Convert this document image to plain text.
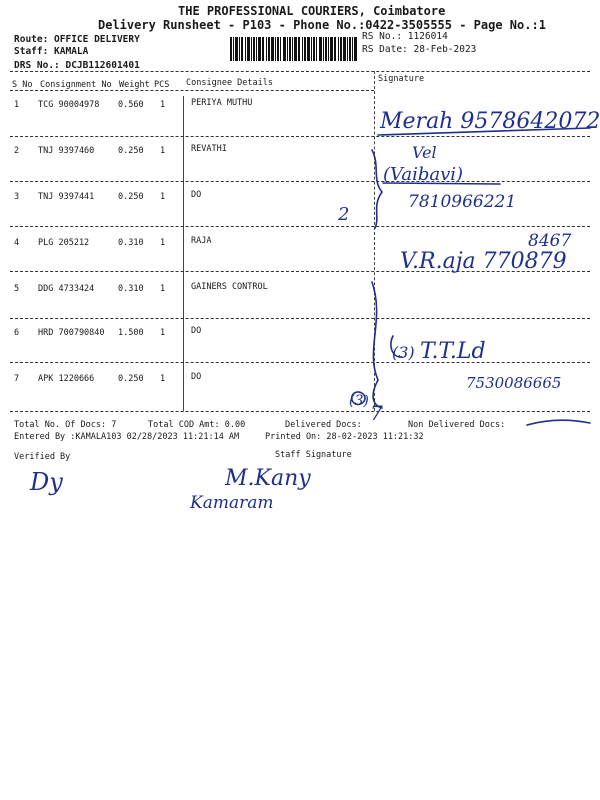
THE PROFESSIONAL COURIERS, Coimbatore
Delivery Runsheet - P103 - Phone No.:0422-3505555 - Page No.:1
Route: OFFICE DELIVERY
Staff: KAMALA
DRS No.: DCJB112601401
RS No.: 1126014
RS Date: 28-Feb-2023
S No Consignment No Weight PCS Consignee Details	Signature
1 TCG 90004978 0.560 1	PERIYA MUTHU
2 TNJ 9397460	0.250 1	REVATHI
3 TNJ 9397441	0.250 1	DO
4 PLG 205212	0.310 1	RAJA
5 DDG 4733424	0.310 1	GAINERS CONTROL
6 HRD 700790840 1.500 1	DO
7 APK 1220666	0.250 1	DO
Total No. Of Docs: 7	Total COD Amt: 0.00	Delivered Docs:	Non Delivered Docs:
Entered By :KAMALA103 02/28/2023 11:21:14 AM	Printed On: 28-02-2023 11:21:32
Verified By	Staff Signature
Merah 9578642072
Vel
(Vaibavi)
7810966221
2
8467
V.R.aja 770879
(3) T.T.Ld
7530086665
(3) 7
Dy	M.Kany
Kamaram
